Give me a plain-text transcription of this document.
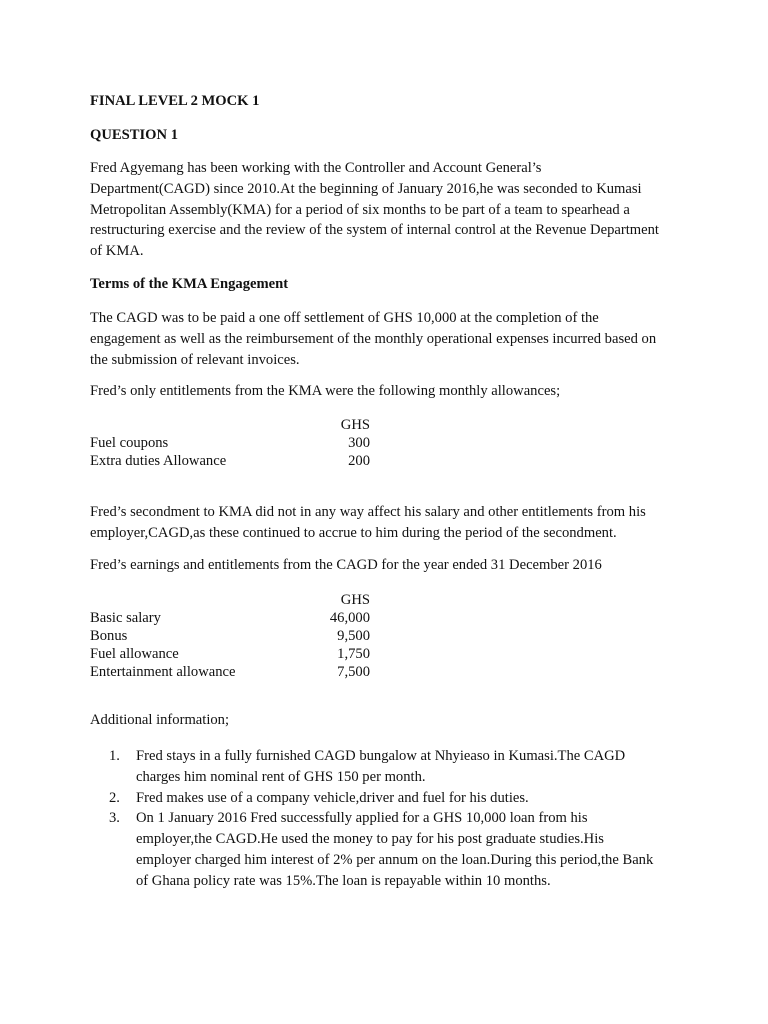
FINAL LEVEL 2 MOCK 1
QUESTION 1
Fred Agyemang has been working with the Controller and Account General’s
Department(CAGD) since 2010.At the beginning of January 2016,he was seconded to Kumasi
Metropolitan Assembly(KMA) for a period of six months to be part of a team to spearhead a
restructuring exercise and the review of the system of internal control at the Revenue Department
of KMA.
Terms of the KMA Engagement
The CAGD was to be paid a one off settlement of GHS 10,000 at the completion of the
engagement as well as the reimbursement of the monthly operational expenses incurred based on
the submission of relevant invoices.
Fred’s only entitlements from the KMA were the following monthly allowances;
GHS
Fuel coupons	300
Extra duties Allowance	200
Fred’s secondment to KMA did not in any way affect his salary and other entitlements from his
employer,CAGD,as these continued to accrue to him during the period of the secondment.
Fred’s earnings and entitlements from the CAGD for the year ended 31 December 2016
GHS
Basic salary	46,000
Bonus	9,500
Fuel allowance	1,750
Entertainment allowance	7,500
Additional information;
1. Fred stays in a fully furnished CAGD bungalow at Nhyieaso in Kumasi.The CAGD
charges him nominal rent of GHS 150 per month.
2. Fred makes use of a company vehicle,driver and fuel for his duties.
3. On 1 January 2016 Fred successfully applied for a GHS 10,000 loan from his
employer,the CAGD.He used the money to pay for his post graduate studies.His
employer charged him interest of 2% per annum on the loan.During this period,the Bank
of Ghana policy rate was 15%.The loan is repayable within 10 months.
